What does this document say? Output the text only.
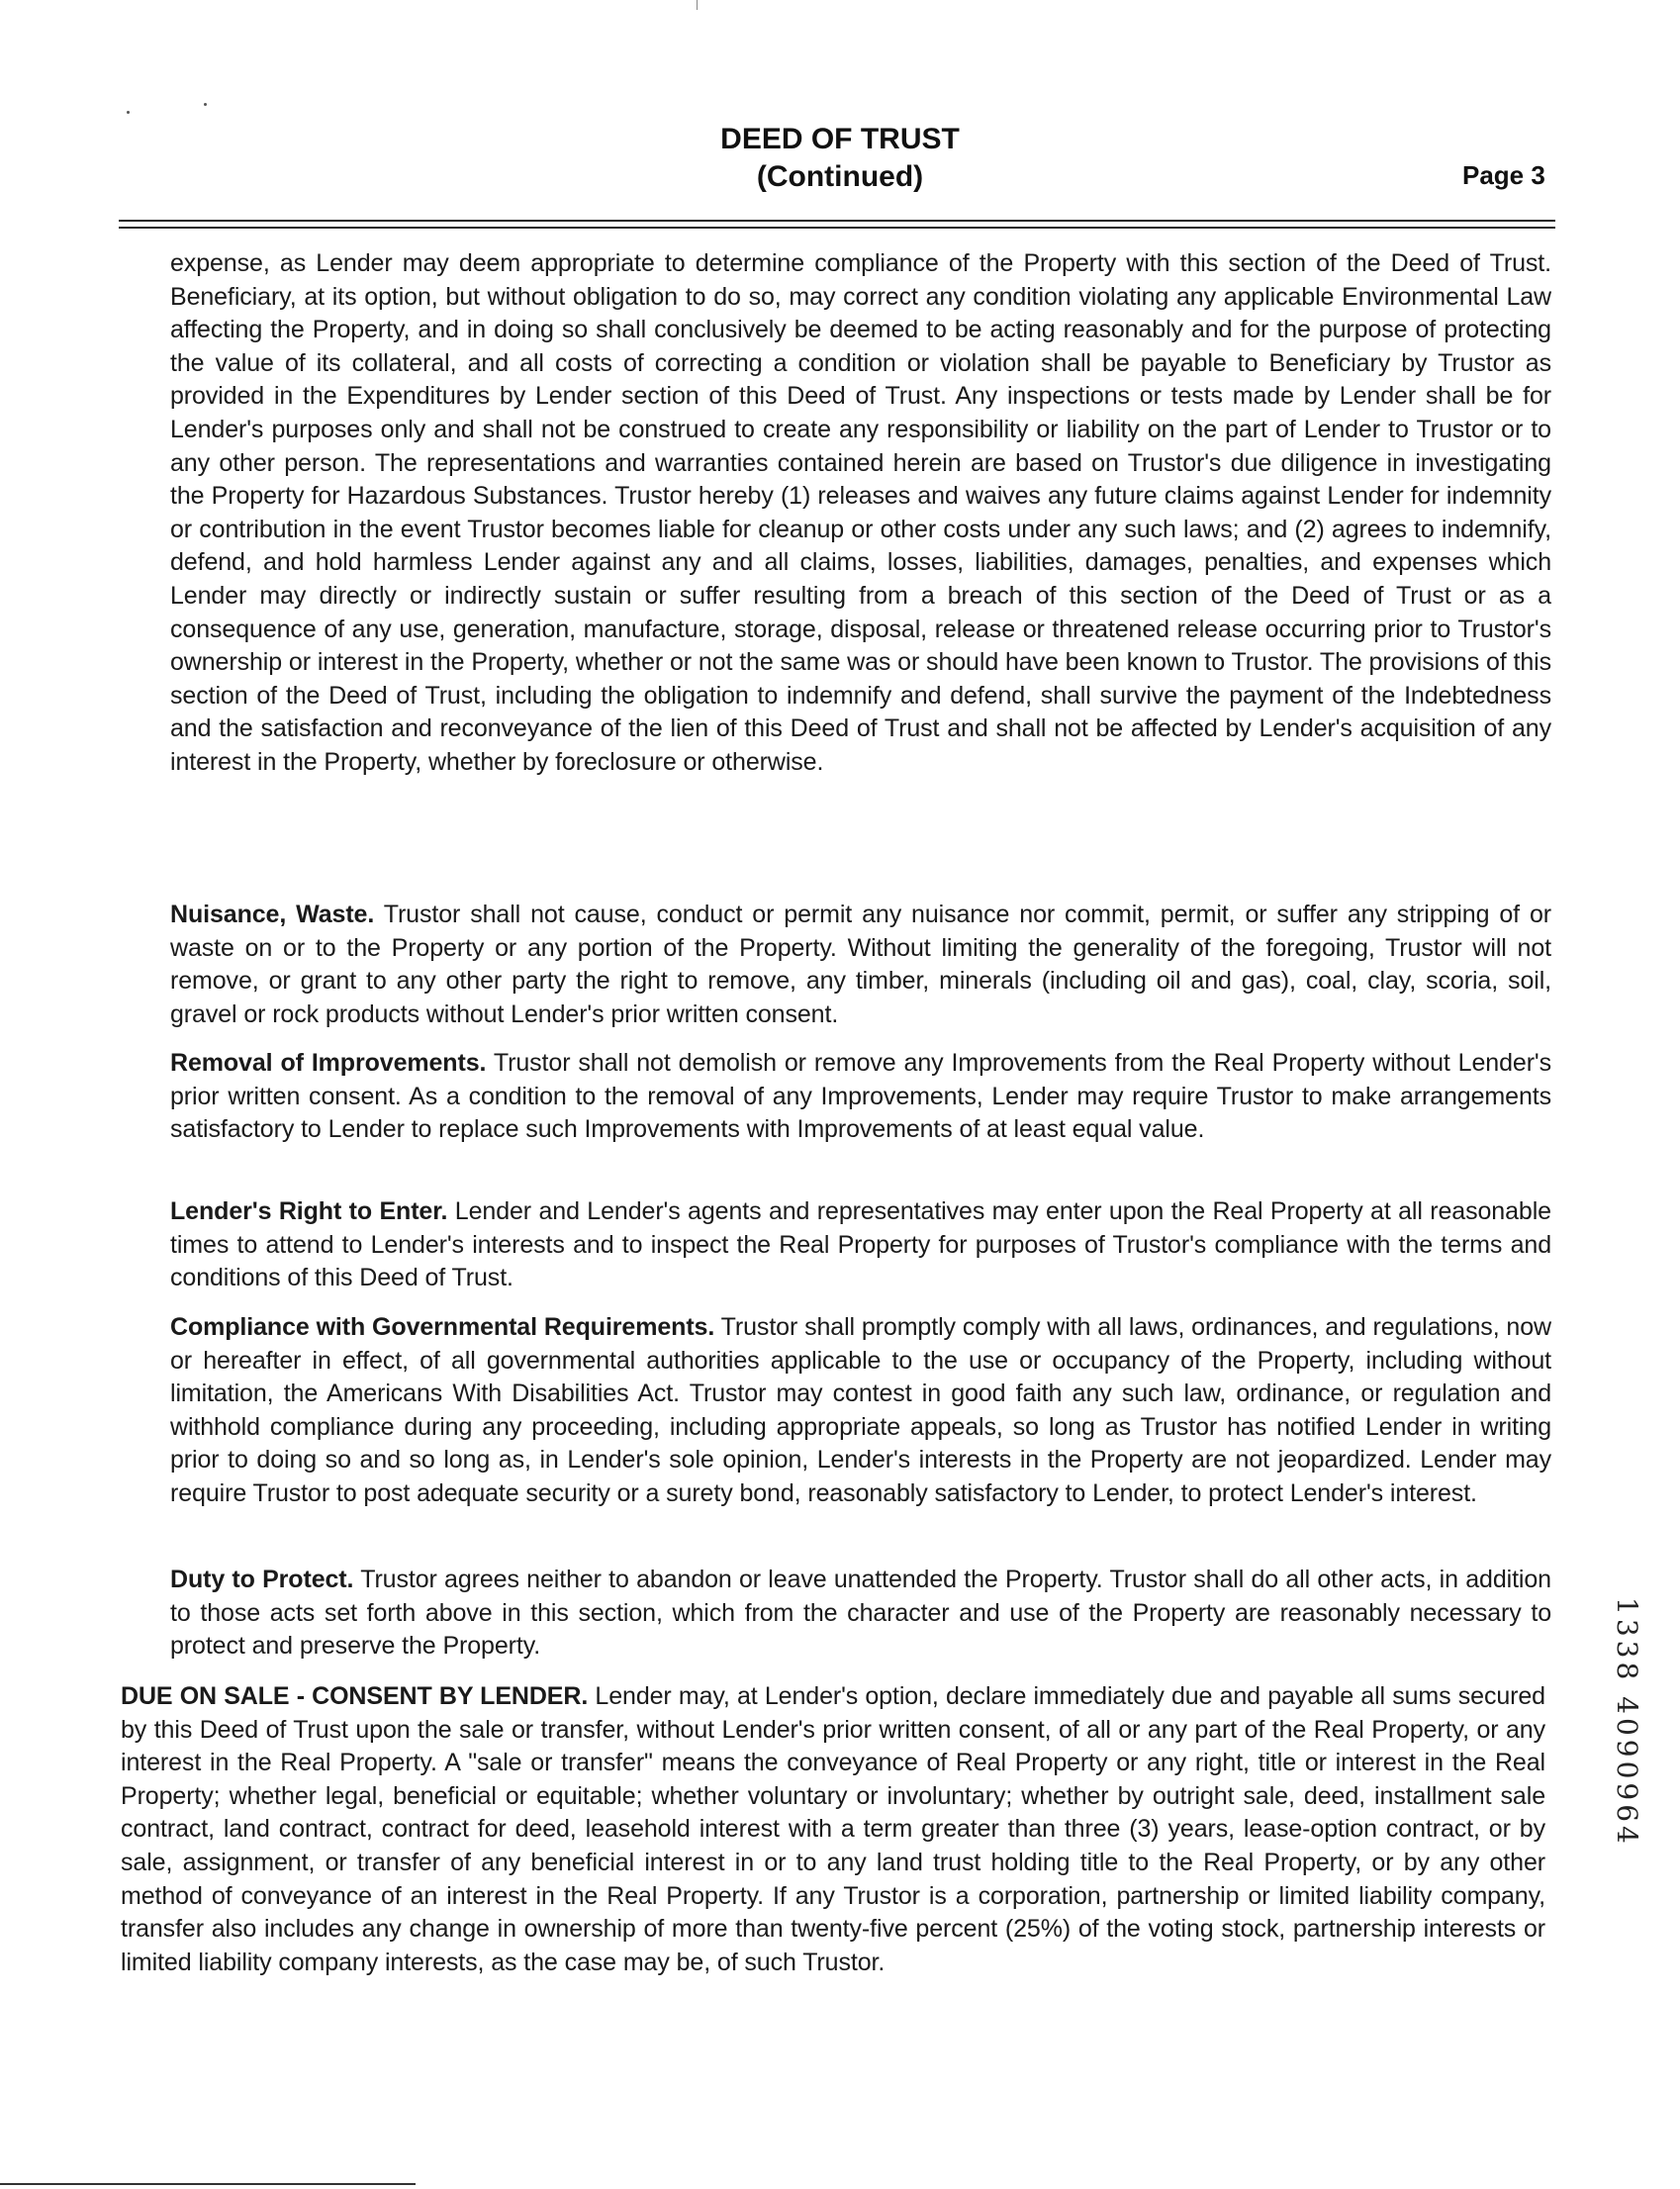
DEED OF TRUST
(Continued)	Page 3

expense, as Lender may deem appropriate to determine compliance of the Property with this section of the Deed of Trust. Beneficiary, at its option, but without obligation to do so, may correct any condition violating any applicable Environmental Law affecting the Property, and in doing so shall conclusively be deemed to be acting reasonably and for the purpose of protecting the value of its collateral, and all costs of correcting a condition or violation shall be payable to Beneficiary by Trustor as provided in the Expenditures by Lender section of this Deed of Trust. Any inspections or tests made by Lender shall be for Lender's purposes only and shall not be construed to create any responsibility or liability on the part of Lender to Trustor or to any other person. The representations and warranties contained herein are based on Trustor's due diligence in investigating the Property for Hazardous Substances. Trustor hereby (1) releases and waives any future claims against Lender for indemnity or contribution in the event Trustor becomes liable for cleanup or other costs under any such laws; and (2) agrees to indemnify, defend, and hold harmless Lender against any and all claims, losses, liabilities, damages, penalties, and expenses which Lender may directly or indirectly sustain or suffer resulting from a breach of this section of the Deed of Trust or as a consequence of any use, generation, manufacture, storage, disposal, release or threatened release occurring prior to Trustor's ownership or interest in the Property, whether or not the same was or should have been known to Trustor. The provisions of this section of the Deed of Trust, including the obligation to indemnify and defend, shall survive the payment of the Indebtedness and the satisfaction and reconveyance of the lien of this Deed of Trust and shall not be affected by Lender's acquisition of any interest in the Property, whether by foreclosure or otherwise.

Nuisance, Waste. Trustor shall not cause, conduct or permit any nuisance nor commit, permit, or suffer any stripping of or waste on or to the Property or any portion of the Property. Without limiting the generality of the foregoing, Trustor will not remove, or grant to any other party the right to remove, any timber, minerals (including oil and gas), coal, clay, scoria, soil, gravel or rock products without Lender's prior written consent.

Removal of Improvements. Trustor shall not demolish or remove any Improvements from the Real Property without Lender's prior written consent. As a condition to the removal of any Improvements, Lender may require Trustor to make arrangements satisfactory to Lender to replace such Improvements with Improvements of at least equal value.

Lender's Right to Enter. Lender and Lender's agents and representatives may enter upon the Real Property at all reasonable times to attend to Lender's interests and to inspect the Real Property for purposes of Trustor's compliance with the terms and conditions of this Deed of Trust.

Compliance with Governmental Requirements. Trustor shall promptly comply with all laws, ordinances, and regulations, now or hereafter in effect, of all governmental authorities applicable to the use or occupancy of the Property, including without limitation, the Americans With Disabilities Act. Trustor may contest in good faith any such law, ordinance, or regulation and withhold compliance during any proceeding, including appropriate appeals, so long as Trustor has notified Lender in writing prior to doing so and so long as, in Lender's sole opinion, Lender's interests in the Property are not jeopardized. Lender may require Trustor to post adequate security or a surety bond, reasonably satisfactory to Lender, to protect Lender's interest.

Duty to Protect. Trustor agrees neither to abandon or leave unattended the Property. Trustor shall do all other acts, in addition to those acts set forth above in this section, which from the character and use of the Property are reasonably necessary to protect and preserve the Property.

DUE ON SALE - CONSENT BY LENDER. Lender may, at Lender's option, declare immediately due and payable all sums secured by this Deed of Trust upon the sale or transfer, without Lender's prior written consent, of all or any part of the Real Property, or any interest in the Real Property. A "sale or transfer" means the conveyance of Real Property or any right, title or interest in the Real Property; whether legal, beneficial or equitable; whether voluntary or involuntary; whether by outright sale, deed, installment sale contract, land contract, contract for deed, leasehold interest with a term greater than three (3) years, lease-option contract, or by sale, assignment, or transfer of any beneficial interest in or to any land trust holding title to the Real Property, or by any other method of conveyance of an interest in the Real Property. If any Trustor is a corporation, partnership or limited liability company, transfer also includes any change in ownership of more than twenty-five percent (25%) of the voting stock, partnership interests or limited liability company interests, as the case may be, of such Trustor.

1338 4090964
